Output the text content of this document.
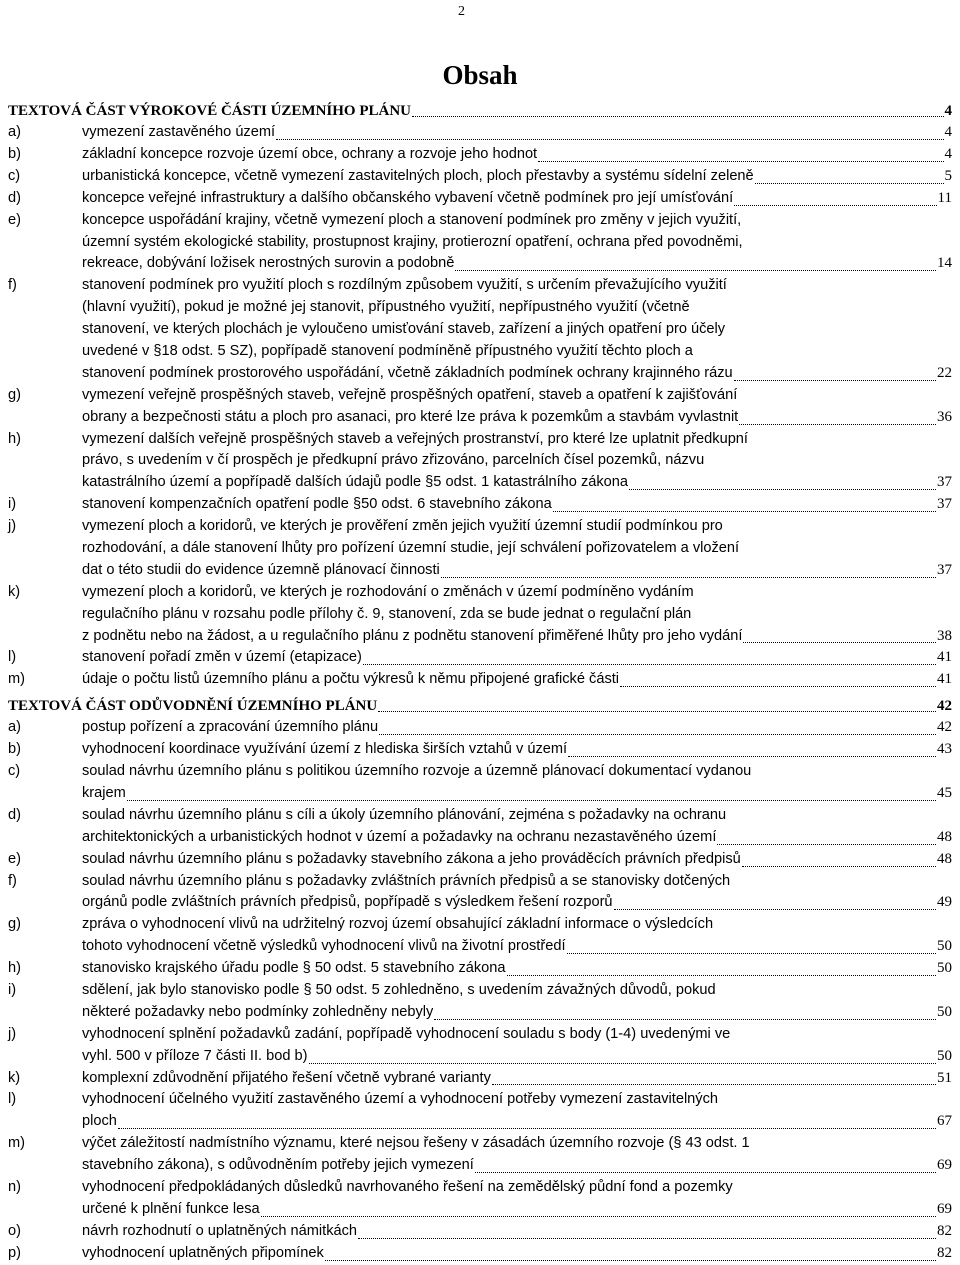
2
Obsah
TEXTOVÁ ČÁST VÝROKOVÉ ČÁSTI ÚZEMNÍHO PLÁNU	4
a)	vymezení zastavěného území	4
b)	základní koncepce rozvoje území obce, ochrany a rozvoje jeho hodnot	4
c)	urbanistická koncepce, včetně vymezení zastavitelných ploch, ploch přestavby a systému sídelní zeleně	5
d)	koncepce veřejné infrastruktury a dalšího občanského vybavení včetně podmínek pro její umísťování	11
e)	koncepce uspořádání krajiny, včetně vymezení ploch a stanovení podmínek pro změny v jejich využití,
územní systém ekologické stability, prostupnost krajiny, protierozní opatření, ochrana před povodněmi,
rekreace, dobývání ložisek nerostných surovin a podobně	14
f)	stanovení podmínek pro využití ploch s rozdílným způsobem využití, s určením převažujícího využití
(hlavní využití), pokud je možné jej stanovit, přípustného využití, nepřípustného využití (včetně
stanovení, ve kterých plochách je vyloučeno umisťování staveb, zařízení a jiných opatření pro účely
uvedené v §18 odst. 5 SZ), popřípadě stanovení podmíněně přípustného využití těchto ploch a
stanovení podmínek prostorového uspořádání, včetně základních podmínek ochrany krajinného rázu	22
g)	vymezení veřejně prospěšných staveb, veřejně prospěšných opatření, staveb a opatření k zajišťování
obrany a bezpečnosti státu a ploch pro asanaci, pro které lze práva k pozemkům a stavbám vyvlastnit	36
h)	vymezení dalších veřejně prospěšných staveb a veřejných prostranství, pro které lze uplatnit předkupní
právo, s uvedením v čí prospěch je předkupní právo zřizováno, parcelních čísel pozemků, názvu
katastrálního území a popřípadě dalších údajů podle §5 odst. 1 katastrálního zákona	37
i)	stanovení kompenzačních opatření podle §50 odst. 6 stavebního zákona	37
j)	vymezení ploch a koridorů, ve kterých je prověření změn jejich využití územní studií podmínkou pro
rozhodování, a dále stanovení lhůty pro pořízení územní studie, její schválení pořizovatelem a vložení
dat o této studii do evidence územně plánovací činnosti	37
k)	vymezení ploch a koridorů, ve kterých je rozhodování o změnách v území podmíněno vydáním
regulačního plánu v rozsahu podle přílohy č. 9, stanovení, zda se bude jednat o regulační plán
z podnětu nebo na žádost, a u regulačního plánu z podnětu stanovení přiměřené lhůty pro jeho vydání	38
l)	stanovení pořadí změn v území (etapizace)	41
m)	údaje o počtu listů územního plánu a počtu výkresů k němu připojené grafické části	41
TEXTOVÁ ČÁST ODŮVODNĚNÍ ÚZEMNÍHO PLÁNU	42
a)	postup pořízení a zpracování územního plánu	42
b)	vyhodnocení koordinace využívání území z hlediska širších vztahů v území	43
c)	soulad návrhu územního plánu s politikou územního rozvoje a územně plánovací dokumentací vydanou
krajem	45
d)	soulad návrhu územního plánu s cíli a úkoly územního plánování, zejména s požadavky na ochranu
architektonických a urbanistických hodnot v území a požadavky na ochranu nezastavěného území	48
e)	soulad návrhu územního plánu s požadavky stavebního zákona a jeho prováděcích právních předpisů	48
f)	soulad návrhu územního plánu s požadavky zvláštních právních předpisů a se stanovisky dotčených
orgánů podle zvláštních právních předpisů, popřípadě s výsledkem řešení rozporů	49
g)	zpráva o vyhodnocení vlivů na udržitelný rozvoj území obsahující základní informace o výsledcích
tohoto vyhodnocení včetně výsledků vyhodnocení vlivů na životní prostředí	50
h)	stanovisko krajského úřadu podle § 50 odst. 5 stavebního zákona	50
i)	sdělení, jak bylo stanovisko podle § 50 odst. 5 zohledněno, s uvedením závažných důvodů, pokud
některé požadavky nebo podmínky zohledněny nebyly	50
j)	vyhodnocení splnění požadavků zadání, popřípadě vyhodnocení souladu s body (1-4) uvedenými ve
vyhl. 500 v příloze 7 části II. bod b)	50
k)	komplexní zdůvodnění přijatého řešení včetně vybrané varianty	51
l)	vyhodnocení účelného využití zastavěného území a vyhodnocení potřeby vymezení zastavitelných
ploch	67
m)	výčet záležitostí nadmístního významu, které nejsou řešeny v zásadách územního rozvoje (§ 43 odst. 1
stavebního zákona), s odůvodněním potřeby jejich vymezení	69
n)	vyhodnocení předpokládaných důsledků navrhovaného řešení na zemědělský půdní fond a pozemky
určené k plnění funkce lesa	69
o)	návrh rozhodnutí o uplatněných námitkách	82
p)	vyhodnocení uplatněných připomínek	82
